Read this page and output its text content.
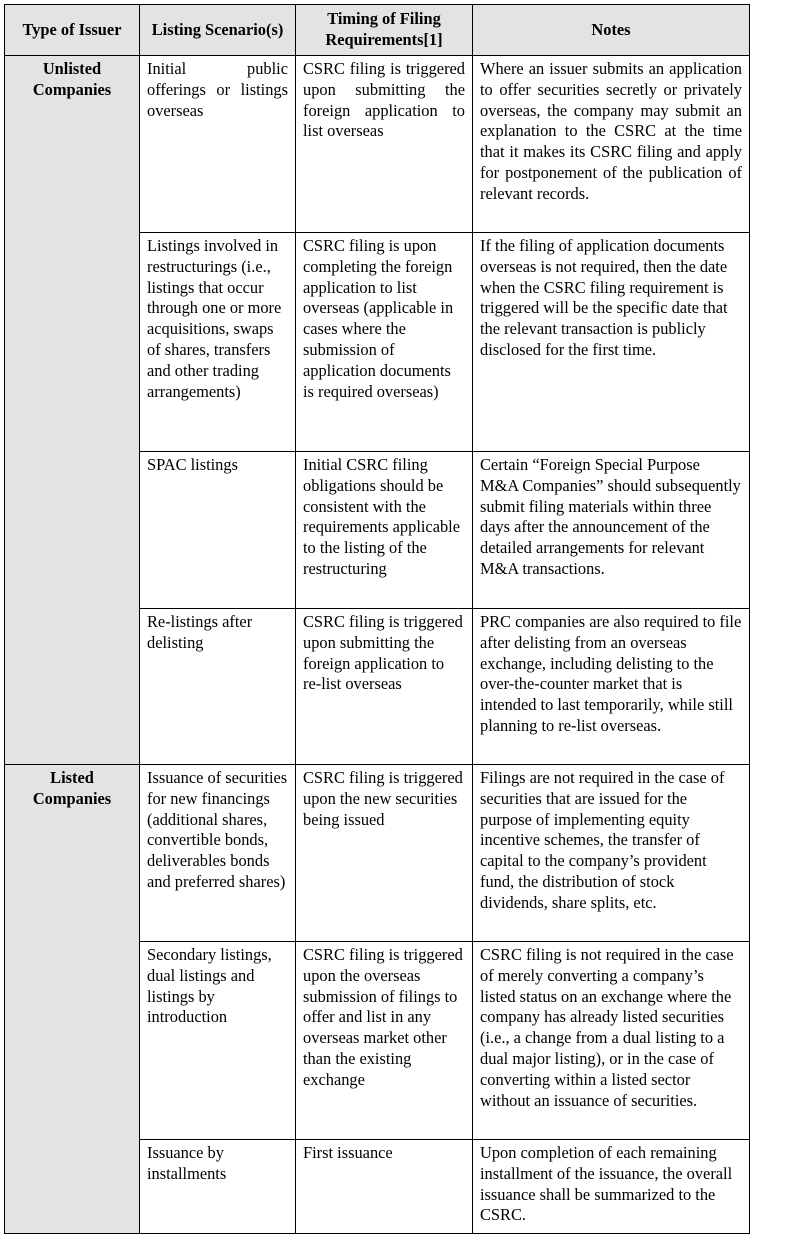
Type of Issuer	Listing Scenario(s)	Timing of Filing Requirements[1]	Notes
Unlisted Companies	Initial public offerings or listings overseas	CSRC filing is triggered upon submitting the foreign application to list overseas	Where an issuer submits an application to offer securities secretly or privately overseas, the company may submit an explanation to the CSRC at the time that it makes its CSRC filing and apply for postponement of the publication of relevant records.
	Listings involved in restructurings (i.e., listings that occur through one or more acquisitions, swaps of shares, transfers and other trading arrangements)	CSRC filing is upon completing the foreign application to list overseas (applicable in cases where the submission of application documents is required overseas)	If the filing of application documents overseas is not required, then the date when the CSRC filing requirement is triggered will be the specific date that the relevant transaction is publicly disclosed for the first time.
	SPAC listings	Initial CSRC filing obligations should be consistent with the requirements applicable to the listing of the restructuring	Certain “Foreign Special Purpose M&A Companies” should subsequently submit filing materials within three days after the announcement of the detailed arrangements for relevant M&A transactions.
	Re-listings after delisting	CSRC filing is triggered upon submitting the foreign application to re-list overseas	PRC companies are also required to file after delisting from an overseas exchange, including delisting to the over-the-counter market that is intended to last temporarily, while still planning to re-list overseas.
Listed Companies	Issuance of securities for new financings (additional shares, convertible bonds, deliverables bonds and preferred shares)	CSRC filing is triggered upon the new securities being issued	Filings are not required in the case of securities that are issued for the purpose of implementing equity incentive schemes, the transfer of capital to the company’s provident fund, the distribution of stock dividends, share splits, etc.
	Secondary listings, dual listings and listings by introduction	CSRC filing is triggered upon the overseas submission of filings to offer and list in any overseas market other than the existing exchange	CSRC filing is not required in the case of merely converting a company’s listed status on an exchange where the company has already listed securities (i.e., a change from a dual listing to a dual major listing), or in the case of converting within a listed sector without an issuance of securities.
	Issuance by installments	First issuance	Upon completion of each remaining installment of the issuance, the overall issuance shall be summarized to the CSRC.
